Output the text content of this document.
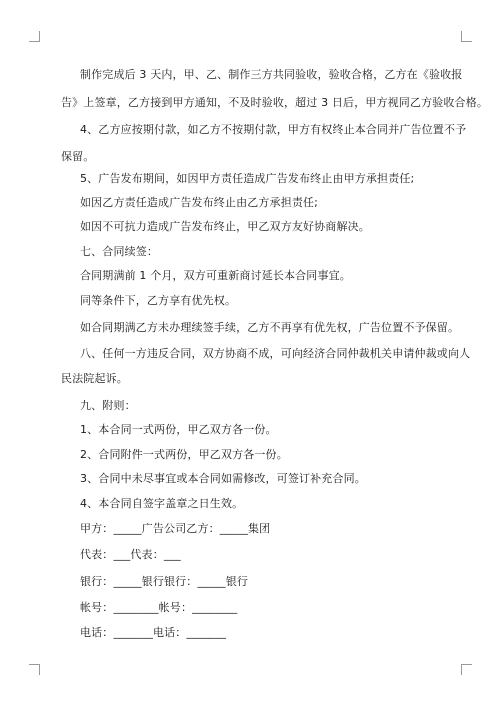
制作完成后 3 天内，甲、乙、制作三方共同验收，验收合格，乙方在《验收报
告》上签章，乙方接到甲方通知，不及时验收，超过 3 日后，甲方视同乙方验收合格。
4、乙方应按期付款，如乙方不按期付款，甲方有权终止本合同并广告位置不予
保留。
5、广告发布期间，如因甲方责任造成广告发布终止由甲方承担责任;
如因乙方责任造成广告发布终止由乙方承担责任;
如因不可抗力造成广告发布终止，甲乙双方友好协商解决。
七、合同续签：
合同期满前 1 个月，双方可重新商讨延长本合同事宜。
同等条件下，乙方享有优先权。
如合同期满乙方未办理续签手续，乙方不再享有优先权，广告位置不予保留。
八、任何一方违反合同，双方协商不成，可向经济合同仲裁机关申请仲裁或向人
民法院起诉。
九、附则：
1、本合同一式两份，甲乙双方各一份。
2、合同附件一式两份，甲乙双方各一份。
3、合同中未尽事宜或本合同如需修改，可签订补充合同。
4、本合同自签字盖章之日生效。
甲方：_____广告公司乙方：_____集团
代表：___代表：___
银行：_____银行银行：_____银行
帐号：________帐号：________
电话：_______电话：_______
